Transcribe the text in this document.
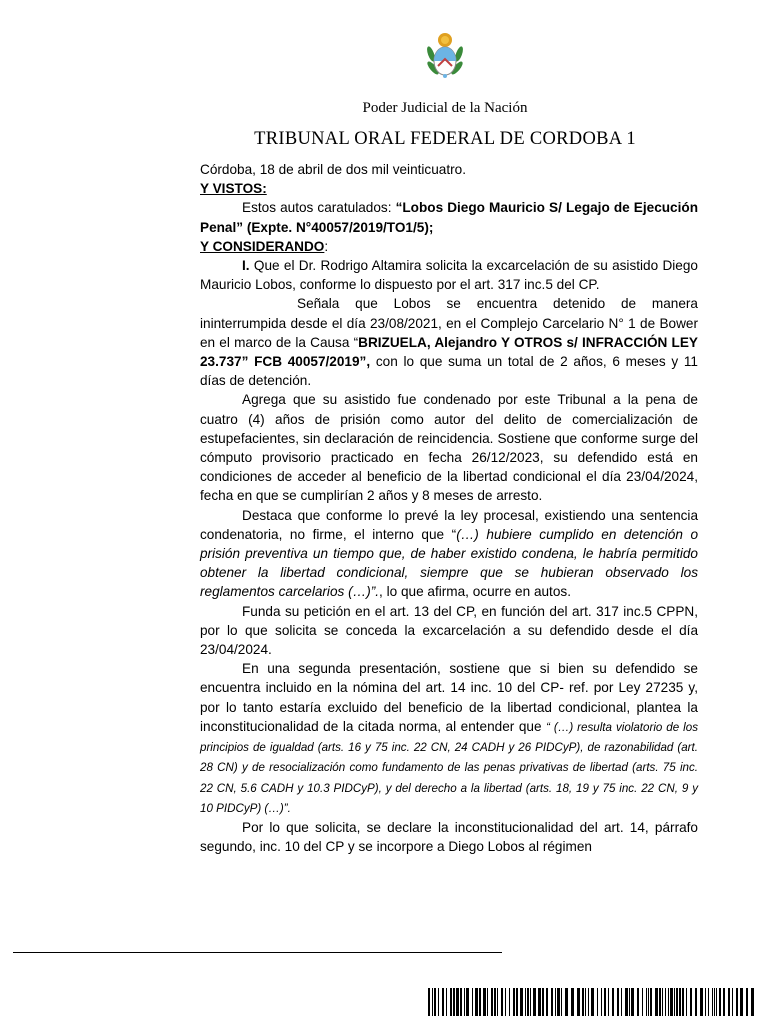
Poder Judicial de la Nación
TRIBUNAL ORAL FEDERAL DE CORDOBA 1

Córdoba, 18 de abril de dos mil veinticuatro.

Y VISTOS:

Estos autos caratulados: “Lobos Diego Mauricio S/ Legajo de Ejecución Penal” (Expte. N°40057/2019/TO1/5);

Y CONSIDERANDO:

I. Que el Dr. Rodrigo Altamira solicita la excarcelación de su asistido Diego Mauricio Lobos, conforme lo dispuesto por el art. 317 inc.5 del CP.

Señala que Lobos se encuentra detenido de manera ininterrumpida desde el día 23/08/2021, en el Complejo Carcelario N° 1 de Bower en el marco de la Causa “BRIZUELA, Alejandro Y OTROS s/ INFRACCIÓN LEY 23.737” FCB 40057/2019”, con lo que suma un total de 2 años, 6 meses y 11 días de detención.

Agrega que su asistido fue condenado por este Tribunal a la pena de cuatro (4) años de prisión como autor del delito de comercialización de estupefacientes, sin declaración de reincidencia. Sostiene que conforme surge del cómputo provisorio practicado en fecha 26/12/2023, su defendido está en condiciones de acceder al beneficio de la libertad condicional el día 23/04/2024, fecha en que se cumplirían 2 años y 8 meses de arresto.

Destaca que conforme lo prevé la ley procesal, existiendo una sentencia condenatoria, no firme, el interno que “(…) hubiere cumplido en detención o prisión preventiva un tiempo que, de haber existido condena, le habría permitido obtener la libertad condicional, siempre que se hubieran observado los reglamentos carcelarios (…)”., lo que afirma, ocurre en autos.

Funda su petición en el art. 13 del CP, en función del art. 317 inc.5 CPPN, por lo que solicita se conceda la excarcelación a su defendido desde el día 23/04/2024.

En una segunda presentación, sostiene que si bien su defendido se encuentra incluido en la nómina del art. 14 inc. 10 del CP- ref. por Ley 27235 y, por lo tanto estaría excluido del beneficio de la libertad condicional, plantea la inconstitucionalidad de la citada norma, al entender que “ (…) resulta violatorio de los principios de igualdad (arts. 16 y 75 inc. 22 CN, 24 CADH y 26 PIDCyP), de razonabilidad (art. 28 CN) y de resocialización como fundamento de las penas privativas de libertad (arts. 75 inc. 22 CN, 5.6 CADH y 10.3 PIDCyP), y del derecho a la libertad (arts. 18, 19 y 75 inc. 22 CN, 9 y 10 PIDCyP) (…)”.

Por lo que solicita, se declare la inconstitucionalidad del art. 14, párrafo segundo, inc. 10 del CP y se incorpore a Diego Lobos al régimen
